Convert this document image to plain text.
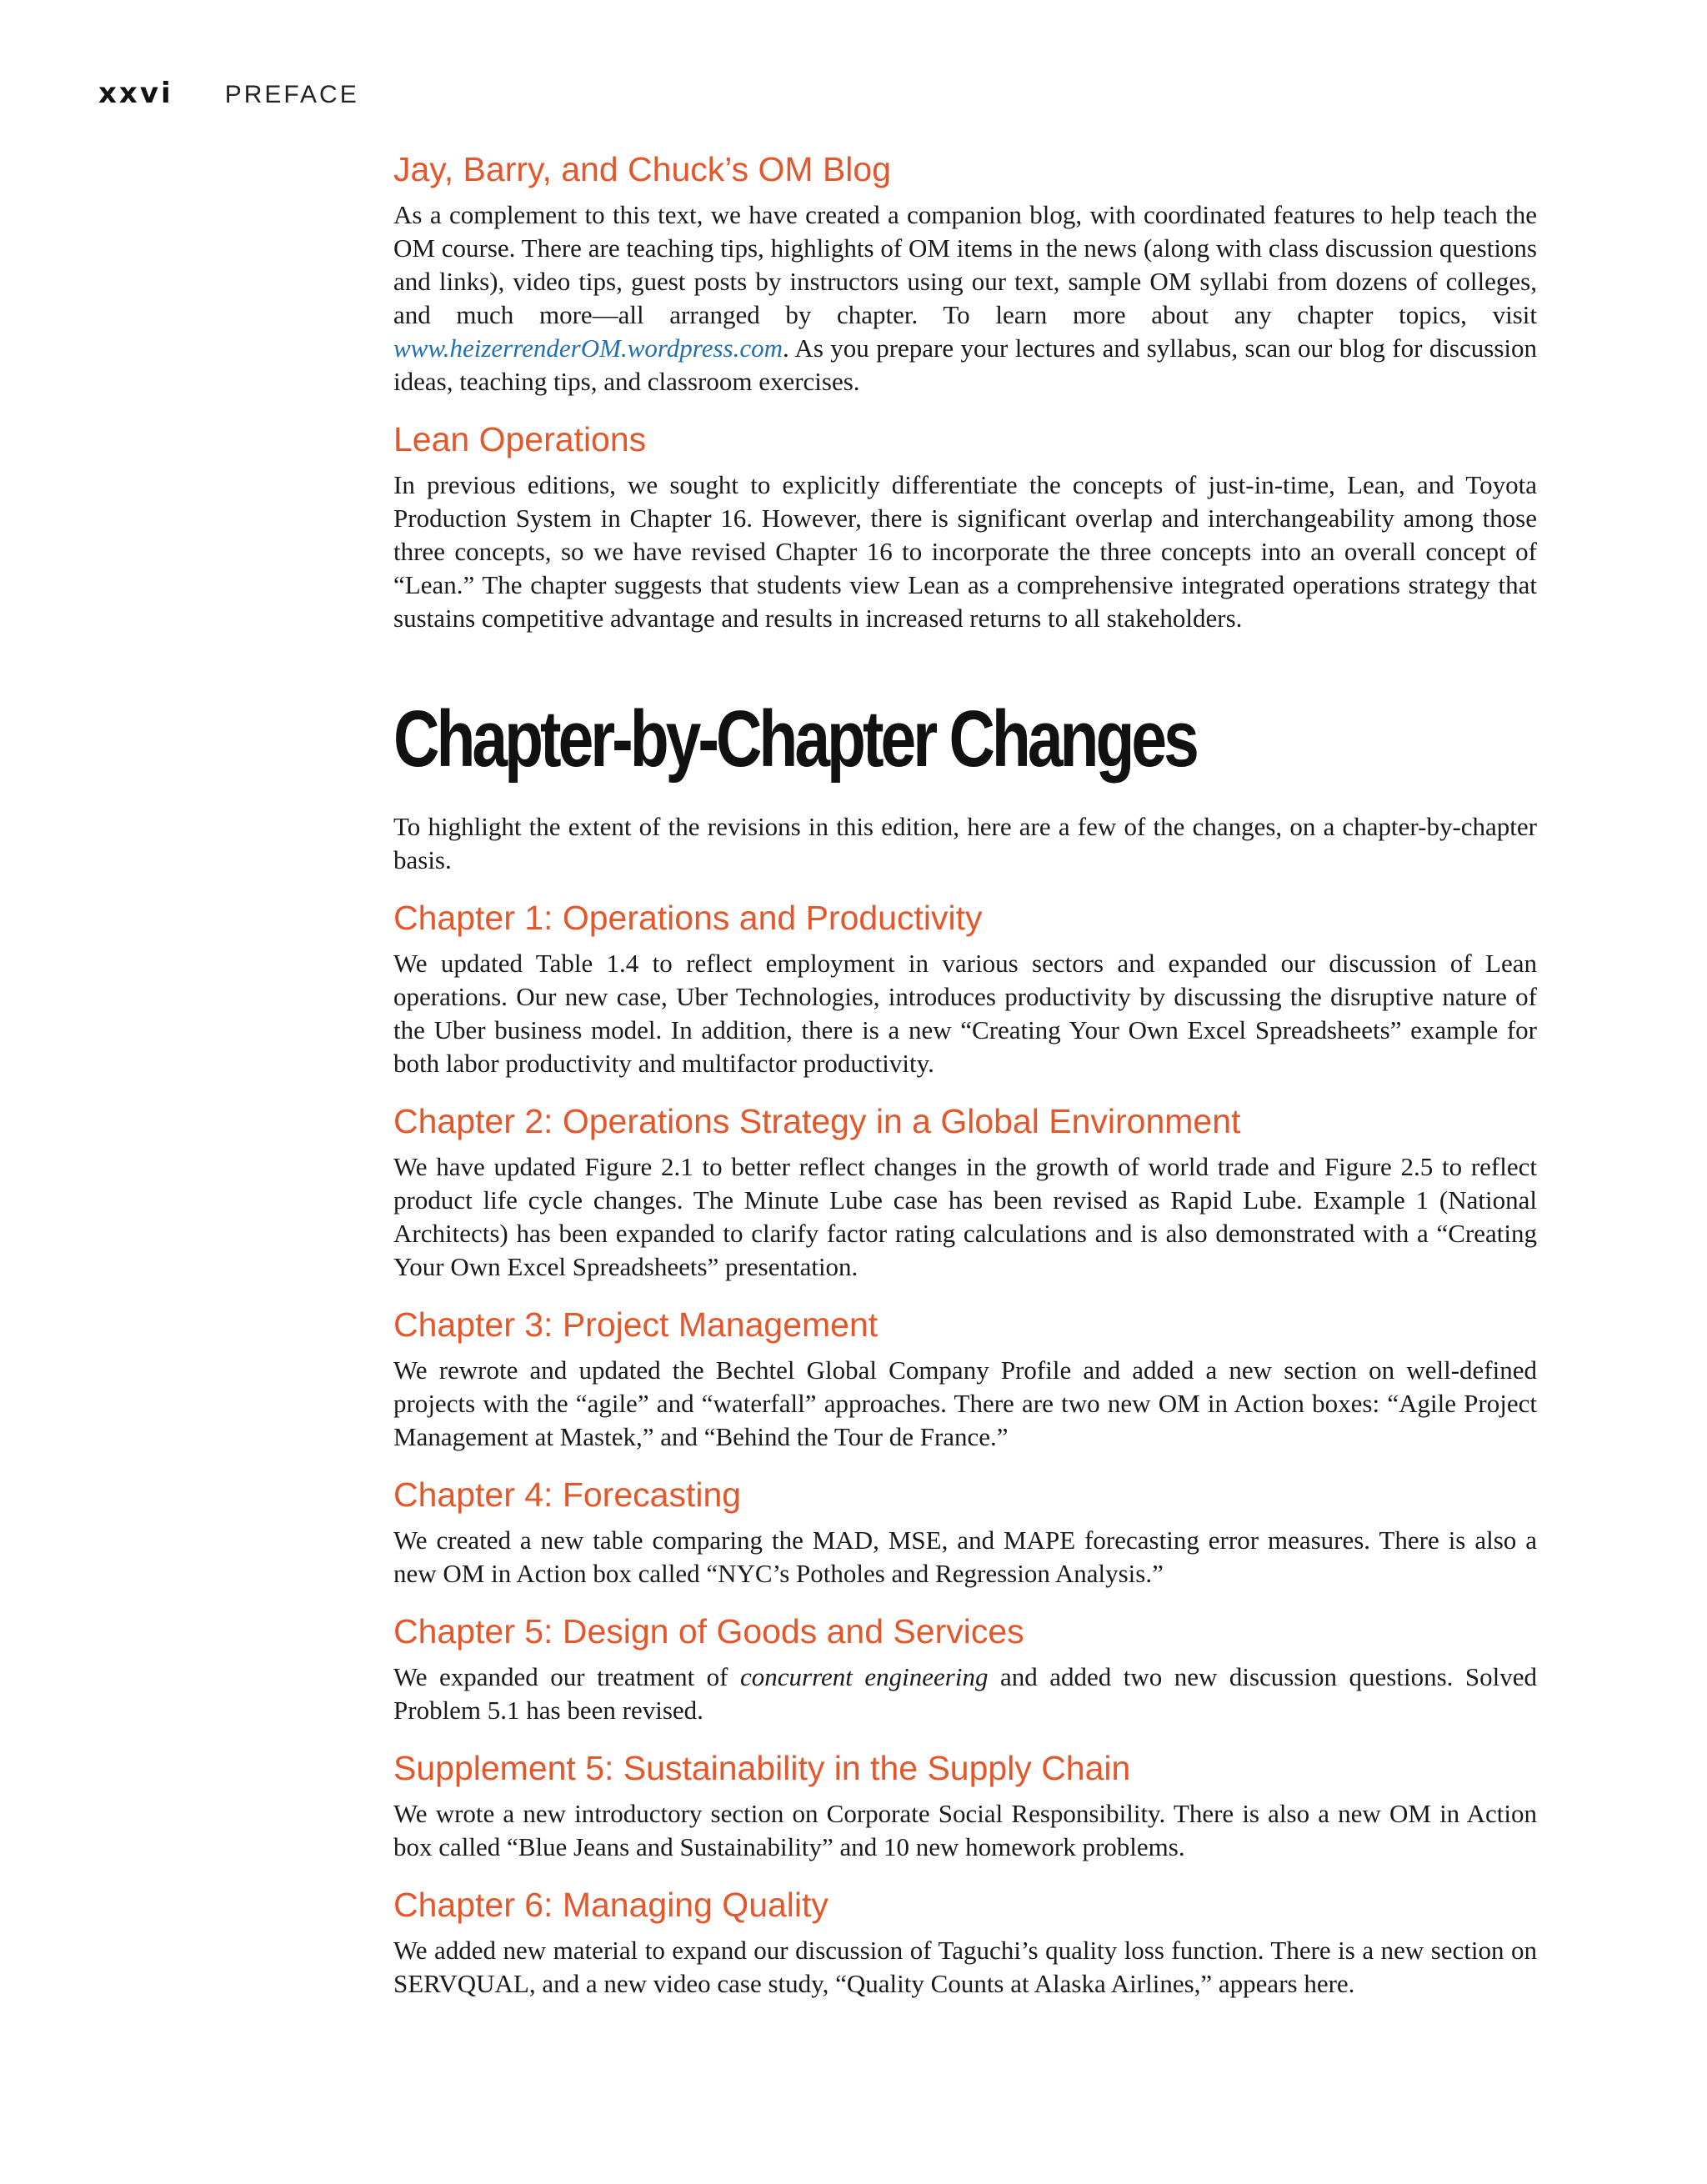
xxvi PREFACE
Jay, Barry, and Chuck’s OM Blog

As a complement to this text, we have created a companion blog, with coordinated features to help teach the OM course. There are teaching tips, highlights of OM items in the news (along with class discussion questions and links), video tips, guest posts by instructors using our text, sample OM syllabi from dozens of colleges, and much more—all arranged by chapter. To learn more about any chapter topics, visit www.heizerrenderOM.wordpress.com. As you prepare your lectures and syllabus, scan our blog for discussion ideas, teaching tips, and classroom exercises.

Lean Operations

In previous editions, we sought to explicitly differentiate the concepts of just-in-time, Lean, and Toyota Production System in Chapter 16. However, there is significant overlap and interchangeability among those three concepts, so we have revised Chapter 16 to incorporate the three concepts into an overall concept of “Lean.” The chapter suggests that students view Lean as a comprehensive integrated operations strategy that sustains competitive advantage and results in increased returns to all stakeholders.

Chapter-by-Chapter Changes

To highlight the extent of the revisions in this edition, here are a few of the changes, on a chapter-by-chapter basis.

Chapter 1: Operations and Productivity

We updated Table 1.4 to reflect employment in various sectors and expanded our discussion of Lean operations. Our new case, Uber Technologies, introduces productivity by discussing the disruptive nature of the Uber business model. In addition, there is a new “Creating Your Own Excel Spreadsheets” example for both labor productivity and multifactor productivity.

Chapter 2: Operations Strategy in a Global Environment

We have updated Figure 2.1 to better reflect changes in the growth of world trade and Figure 2.5 to reflect product life cycle changes. The Minute Lube case has been revised as Rapid Lube. Example 1 (National Architects) has been expanded to clarify factor rating calculations and is also demonstrated with a “Creating Your Own Excel Spreadsheets” presentation.

Chapter 3: Project Management

We rewrote and updated the Bechtel Global Company Profile and added a new section on well-defined projects with the “agile” and “waterfall” approaches. There are two new OM in Action boxes: “Agile Project Management at Mastek,” and “Behind the Tour de France.”

Chapter 4: Forecasting

We created a new table comparing the MAD, MSE, and MAPE forecasting error measures. There is also a new OM in Action box called “NYC’s Potholes and Regression Analysis.”

Chapter 5: Design of Goods and Services

We expanded our treatment of concurrent engineering and added two new discussion questions. Solved Problem 5.1 has been revised.

Supplement 5: Sustainability in the Supply Chain

We wrote a new introductory section on Corporate Social Responsibility. There is also a new OM in Action box called “Blue Jeans and Sustainability” and 10 new homework problems.

Chapter 6: Managing Quality

We added new material to expand our discussion of Taguchi’s quality loss function. There is a new section on SERVQUAL, and a new video case study, “Quality Counts at Alaska Airlines,” appears here.
